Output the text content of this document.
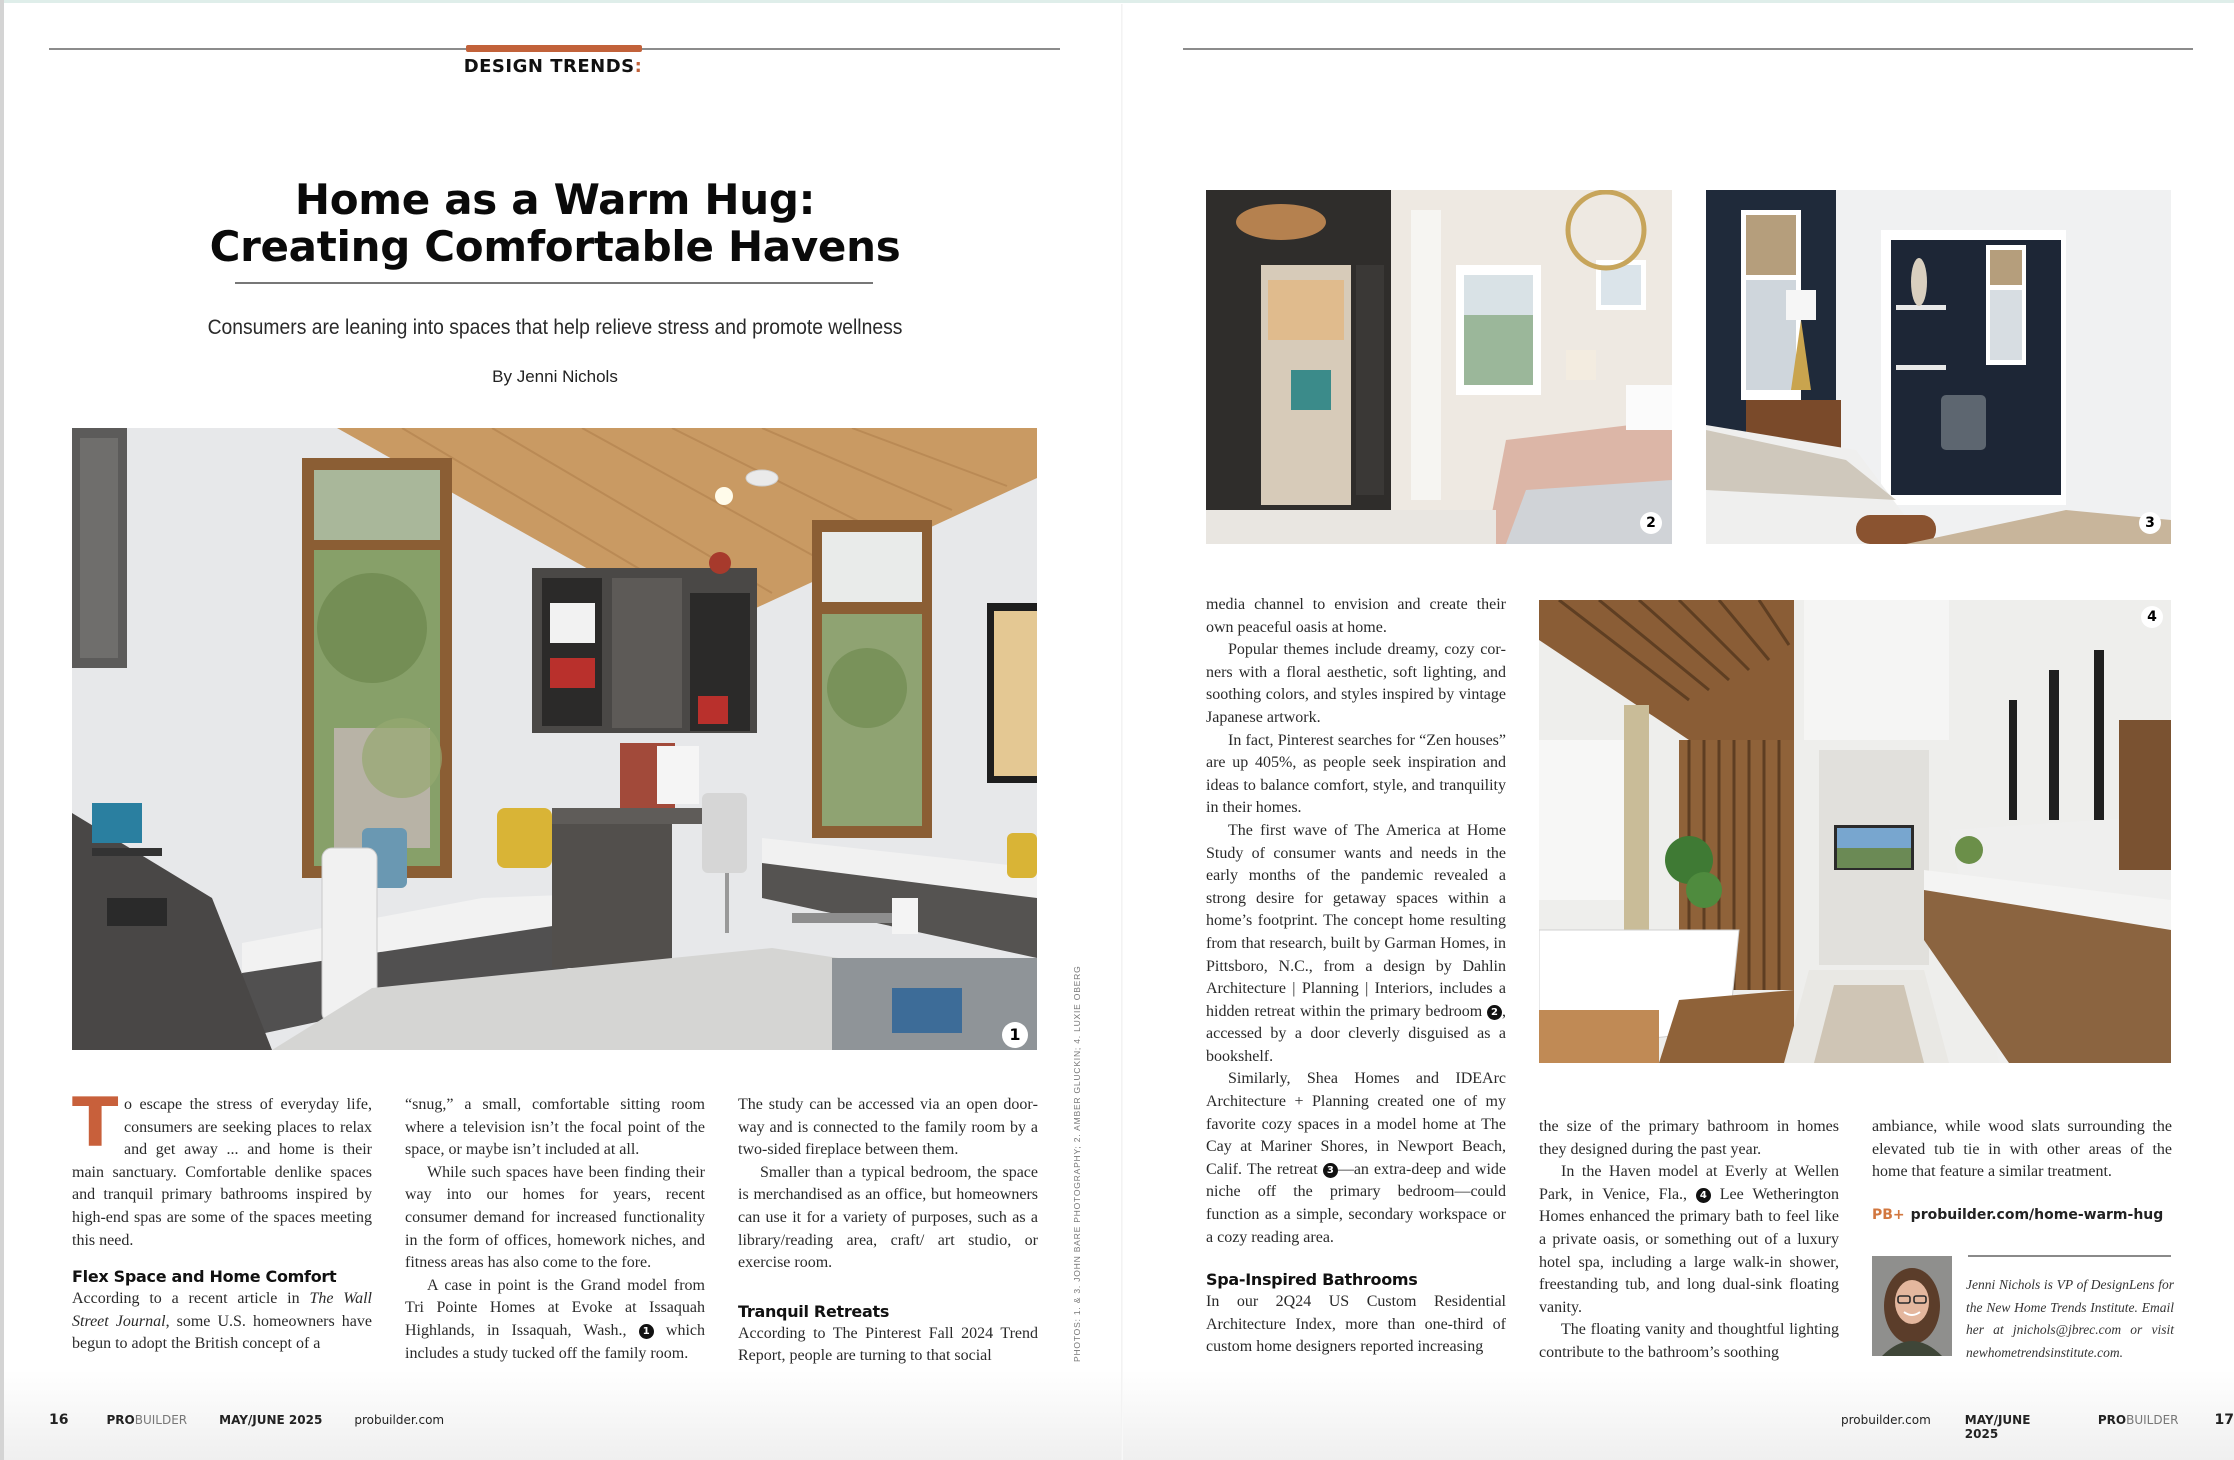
DESIGN TRENDS:
Home as a Warm Hug:
Creating Comfortable Havens
Consumers are leaning into spaces that help relieve stress and promote wellness
By Jenni Nichols
1
T o escape the stress of everyday life, consumers are seeking places to relax and get away ... and home is their main sanctuary. Comfortable denlike spaces and tranquil primary bathrooms inspired by high-end spas are some of the spaces meeting this need.

Flex Space and Home Comfort

According to a recent article in The Wall Street Journal, some U.S. homeowners have begun to adopt the British concept of a

“snug,” a small, comfortable sitting room where a television isn’t the focal point of the space, or maybe isn’t included at all.

While such spaces have been finding their way into our homes for years, recent consumer demand for increased functionality in the form of offices, homework niches, and fitness areas has also come to the fore.

A case in point is the Grand model from Tri Pointe Homes at Evoke at Issaquah Highlands, in Issaquah, Wash., 1 which includes a study tucked off the family room.

The study can be accessed via an open doorway and is connected to the family room by a two-sided fireplace between them.

Smaller than a typical bedroom, the space is merchandised as an office, but homeowners can use it for a variety of purposes, such as a library/reading area, craft/ art studio, or exercise room.

Tranquil Retreats

According to The Pinterest Fall 2024 Trend Report, people are turning to that social	PHOTOS: 1. & 3. JOHN BARE PHOTOGRAPHY; 2. AMBER GLUCKIN; 4. LUXIE OBERG
16	PROBUILDER	MAY/JUNE 2025	probuilder.com
2	3

media channel to envision and create their own peaceful oasis at home.

Popular themes include dreamy, cozy corners with a floral aesthetic, soft lighting, and soothing colors, and styles inspired by vintage Japanese artwork.

In fact, Pinterest searches for “Zen houses” are up 405%, as people seek inspiration and ideas to balance comfort, style, and tranquility in their homes.

The first wave of The America at Home Study of consumer wants and needs in the early months of the pandemic revealed a strong desire for getaway spaces within a home’s footprint. The concept home resulting from that research, built by Garman Homes, in Pittsboro, N.C., from a design by Dahlin Architecture | Planning | Interiors, includes a hidden retreat within the primary bedroom 2 , accessed by a door cleverly disguised as a bookshelf.

Similarly, Shea Homes and IDEArc Architecture + Planning created one of my favorite cozy spaces in a model home at The Cay at Mariner Shores, in Newport Beach, Calif. The retreat 3 —an extra-deep and wide niche off the primary bedroom—could function as a simple, secondary workspace or a cozy reading area.

Spa-Inspired Bathrooms

In our 2Q24 US Custom Residential Architecture Index, more than one-third of custom home designers reported increasing

4

the size of the primary bathroom in homes they designed during the past year.

In the Haven model at Everly at Wellen Park, in Venice, Fla., 4 Lee Wetherington Homes enhanced the primary bath to feel like a private oasis, or something out of a luxury hotel spa, including a large walk-in shower, freestanding tub, and long dual-sink floating vanity.

The floating vanity and thoughtful lighting contribute to the bathroom’s soothing

ambiance, while wood slats surrounding the elevated tub tie in with other areas of the home that feature a similar treatment.

PB+ probuilder.com/home-warm-hug
Jenni Nichols is VP of DesignLens for the New Home Trends Institute. Email her at jnichols@jbrec.com or visit newhometrendsinstitute.com.
probuilder.com	MAY/JUNE 2025
PROBUILDER	17
